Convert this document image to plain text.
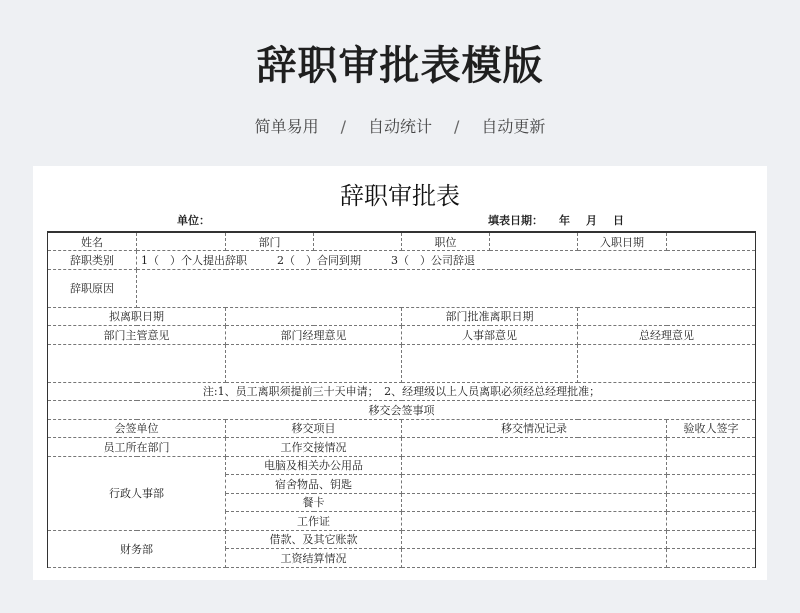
辞职审批表模版
简单易用 / 自动统计 / 自动更新
辞职审批表
单位：	填表日期： 年 月 日
姓名		部门		职位		入职日期	
辞职类别	1（　）个人提出辞职 2（　）合同到期 3（　）公司辞退						
辞职原因							
拟离职日期				部门批准离职日期			
部门主管意见		部门经理意见		人事部意见		总经理意见	

注:1、员工离职须提前三十天申请；　2、经理级以上人员离职必须经总经理批准；							
移交会签事项							
会签单位		移交项目		移交情况记录			验收人签字
员工所在部门		工作交接情况					
行政人事部		电脑及相关办公用品					
		宿舍物品、钥匙					
		餐卡					
		工作证					
财务部		借款、及其它账款					
		工资结算情况					
